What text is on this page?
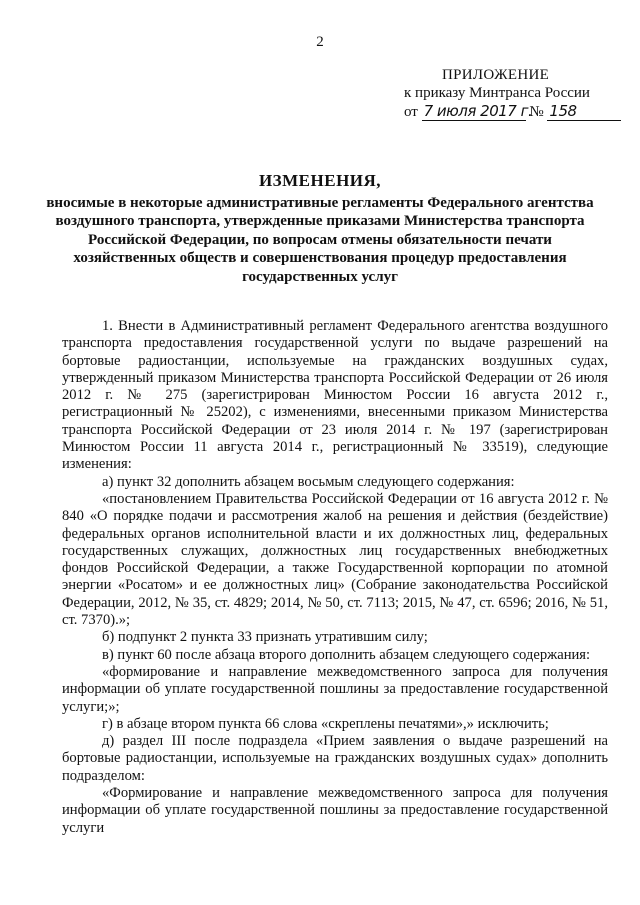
2
ПРИЛОЖЕНИЕ
к приказу Минтранса России
от 7 июля 2017 г. № 158
ИЗМЕНЕНИЯ,
вносимые в некоторые административные регламенты Федерального агентства воздушного транспорта, утвержденные приказами Министерства транспорта Российской Федерации, по вопросам отмены обязательности печати хозяйственных обществ и совершенствования процедур предоставления государственных услуг

1. Внести в Административный регламент Федерального агентства воздушного транспорта предоставления государственной услуги по выдаче разрешений на бортовые радиостанции, используемые на гражданских воздушных судах, утвержденный приказом Министерства транспорта Российской Федерации от 26 июля 2012 г. № 275 (зарегистрирован Минюстом России 16 августа 2012 г., регистрационный № 25202), с изменениями, внесенными приказом Министерства транспорта Российской Федерации от 23 июля 2014 г. № 197 (зарегистрирован Минюстом России 11 августа 2014 г., регистрационный № 33519), следующие изменения:

а) пункт 32 дополнить абзацем восьмым следующего содержания:

«постановлением Правительства Российской Федерации от 16 августа 2012 г. № 840 «О порядке подачи и рассмотрения жалоб на решения и действия (бездействие) федеральных органов исполнительной власти и их должностных лиц, федеральных государственных служащих, должностных лиц государственных внебюджетных фондов Российской Федерации, а также Государственной корпорации по атомной энергии «Росатом» и ее должностных лиц» (Собрание законодательства Российской Федерации, 2012, № 35, ст. 4829; 2014, № 50, ст. 7113; 2015, № 47, ст. 6596; 2016, № 51, ст. 7370).»;

б) подпункт 2 пункта 33 признать утратившим силу;

в) пункт 60 после абзаца второго дополнить абзацем следующего содержания:

«формирование и направление межведомственного запроса для получения информации об уплате государственной пошлины за предоставление государственной услуги;»;

г) в абзаце втором пункта 66 слова «скреплены печатями»,» исключить;

д) раздел III после подраздела «Прием заявления о выдаче разрешений на бортовые радиостанции, используемые на гражданских воздушных судах» дополнить подразделом:

«Формирование и направление межведомственного запроса для получения информации об уплате государственной пошлины за предоставление государственной услуги
